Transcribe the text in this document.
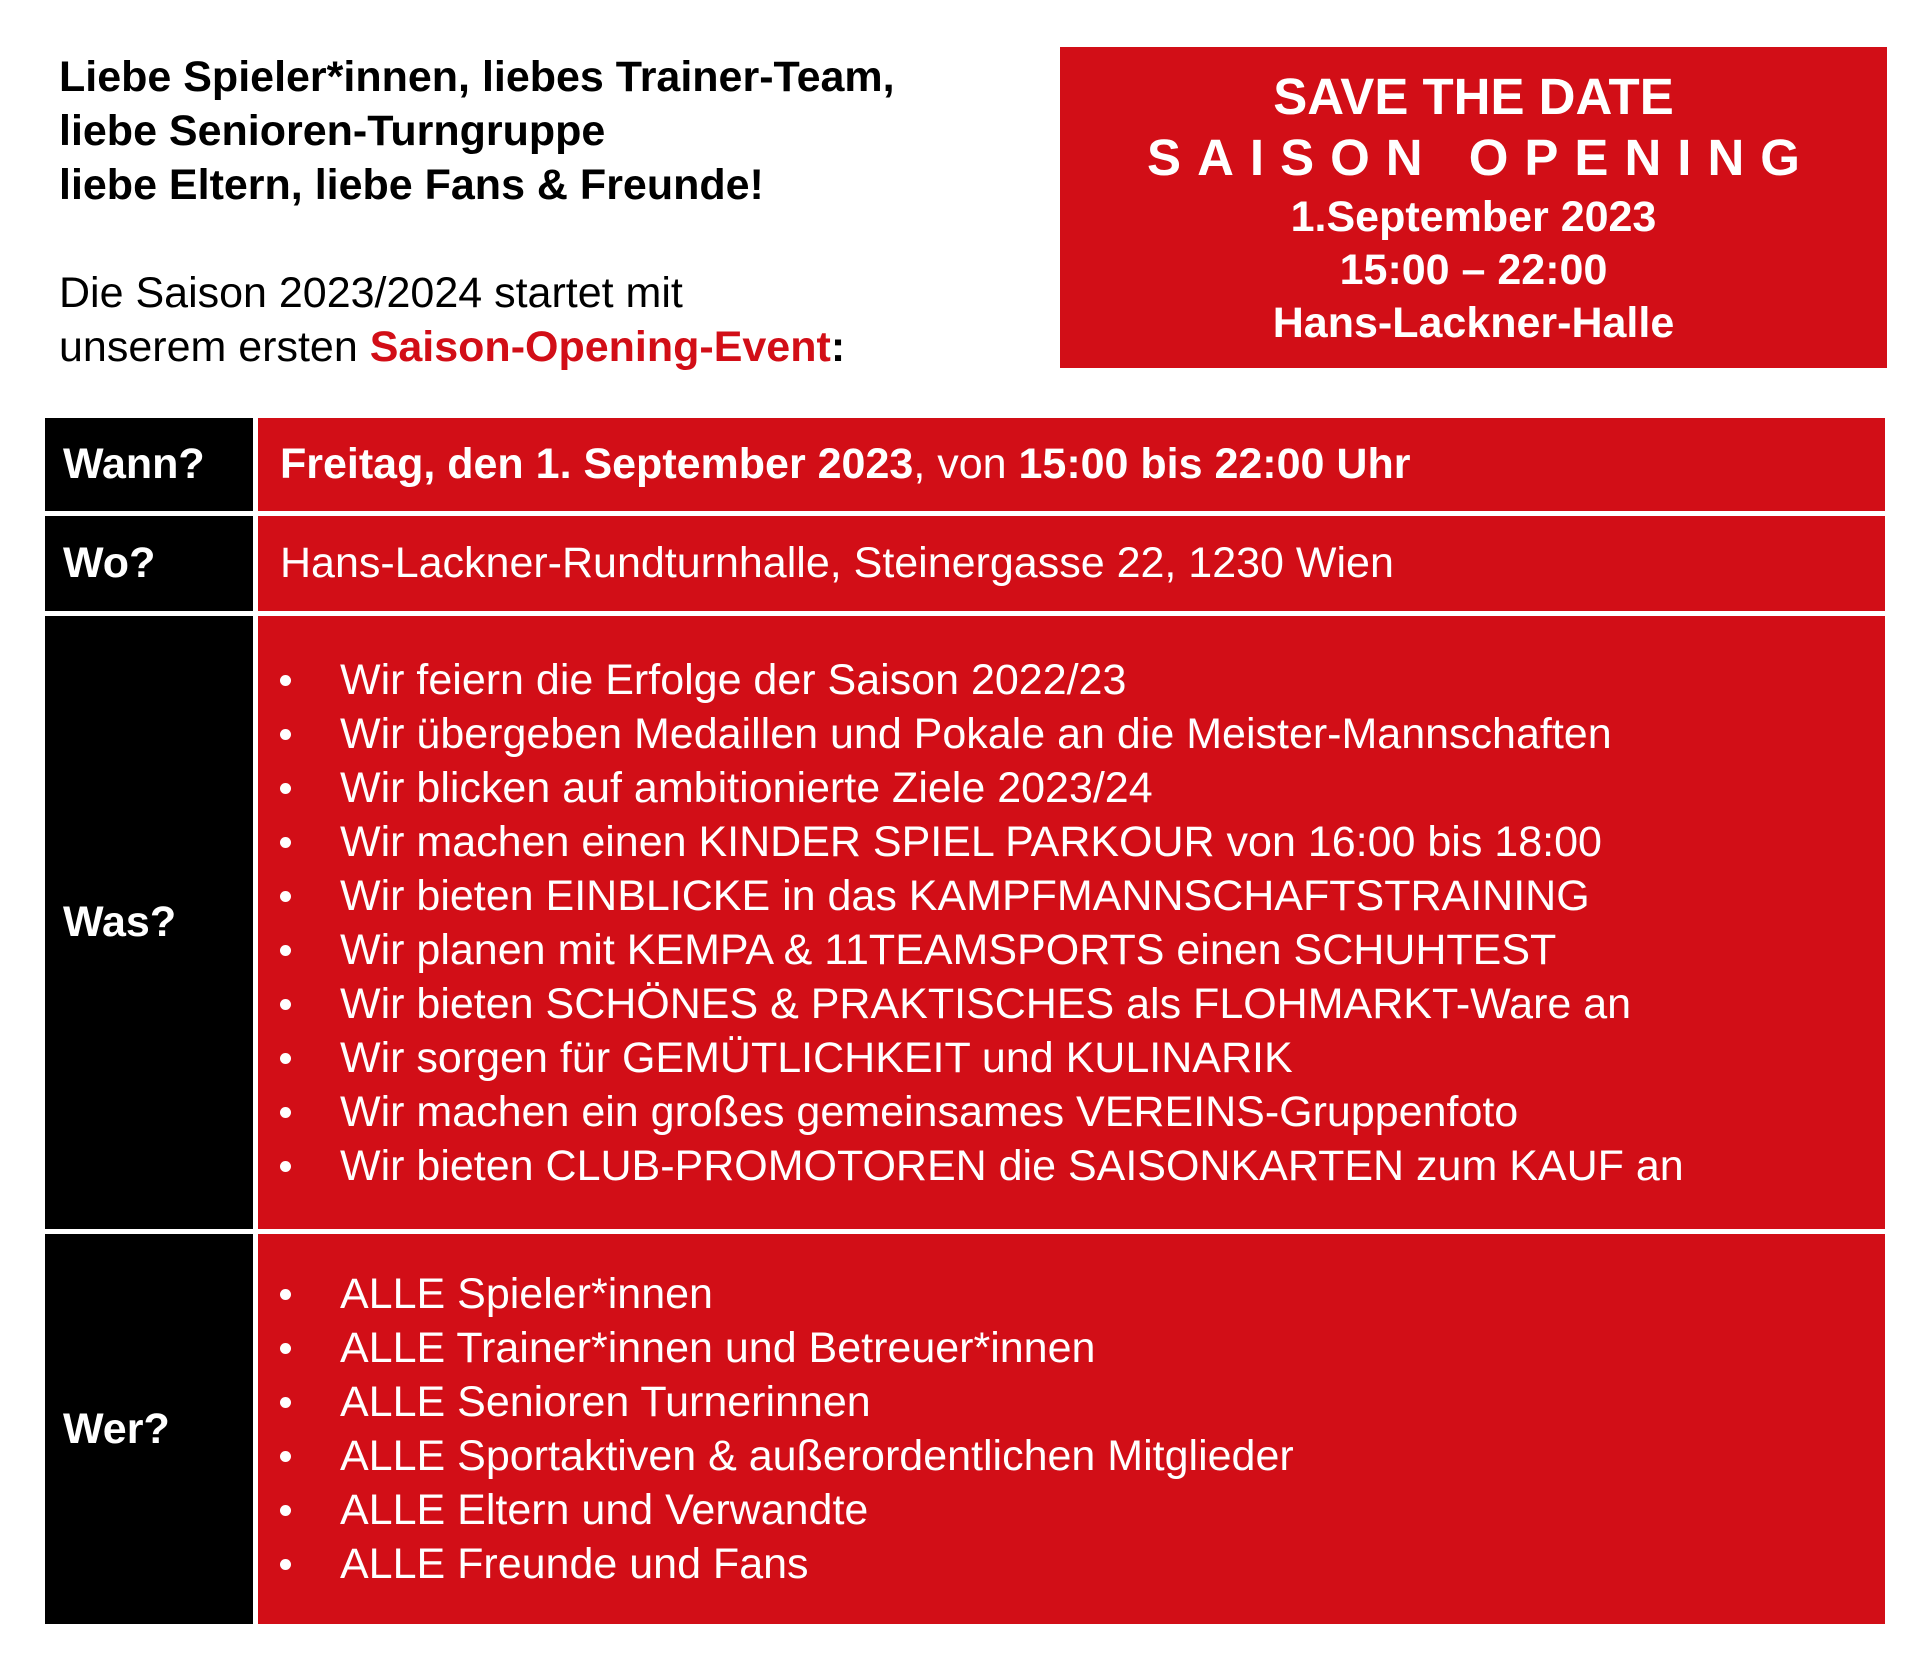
Liebe Spieler*innen, liebes Trainer-Team,
liebe Senioren-Turngruppe
liebe Eltern, liebe Fans & Freunde!
Die Saison 2023/2024 startet mit
unserem ersten Saison-Opening-Event:
SAVE THE DATE
SAISON OPENING
1.September 2023
15:00 – 22:00
Hans-Lackner-Halle
Wann?	Freitag, den 1. September 2023, von 15:00 bis 22:00 Uhr
Wo?	Hans-Lackner-Rundturnhalle, Steinergasse 22, 1230 Wien
Was?
Wir feiern die Erfolge der Saison 2022/23
Wir übergeben Medaillen und Pokale an die Meister-Mannschaften
Wir blicken auf ambitionierte Ziele 2023/24
Wir machen einen KINDER SPIEL PARKOUR von 16:00 bis 18:00
Wir bieten EINBLICKE in das KAMPFMANNSCHAFTSTRAINING
Wir planen mit KEMPA & 11TEAMSPORTS einen SCHUHTEST
Wir bieten SCHÖNES & PRAKTISCHES als FLOHMARKT-Ware an
Wir sorgen für GEMÜTLICHKEIT und KULINARIK
Wir machen ein großes gemeinsames VEREINS-Gruppenfoto
Wir bieten CLUB-PROMOTOREN die SAISONKARTEN zum KAUF an
Wer?
ALLE Spieler*innen
ALLE Trainer*innen und Betreuer*innen
ALLE Senioren Turnerinnen
ALLE Sportaktiven & außerordentlichen Mitglieder
ALLE Eltern und Verwandte
ALLE Freunde und Fans
